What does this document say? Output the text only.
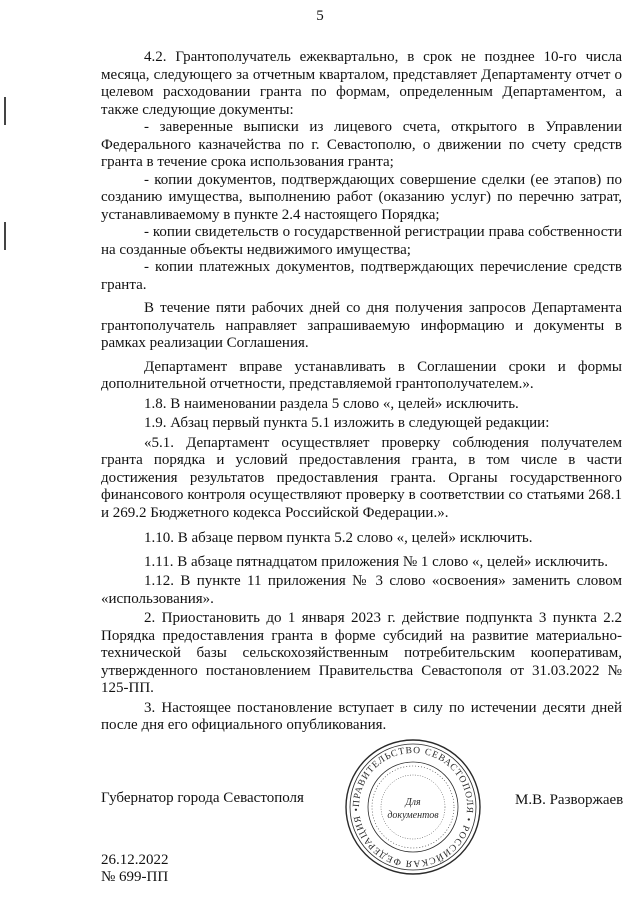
5

4.2. Грантополучатель ежеквартально, в срок не позднее 10-го числа месяца, следующего за отчетным кварталом, представляет Департаменту отчет о целевом расходовании гранта по формам, определенным Департаментом, а также следующие документы:

- заверенные выписки из лицевого счета, открытого в Управлении Федерального казначейства по г. Севастополю, о движении по счету средств гранта в течение срока использования гранта;

- копии документов, подтверждающих совершение сделки (ее этапов) по созданию имущества, выполнению работ (оказанию услуг) по перечню затрат, устанавливаемому в пункте 2.4 настоящего Порядка;

- копии свидетельств о государственной регистрации права собственности на созданные объекты недвижимого имущества;

- копии платежных документов, подтверждающих перечисление средств гранта.

В течение пяти рабочих дней со дня получения запросов Департамента грантополучатель направляет запрашиваемую информацию и документы в рамках реализации Соглашения.

Департамент вправе устанавливать в Соглашении сроки и формы дополнительной отчетности, представляемой грантополучателем.».

1.8. В наименовании раздела 5 слово «, целей» исключить.

1.9. Абзац первый пункта 5.1 изложить в следующей редакции:

«5.1. Департамент осуществляет проверку соблюдения получателем гранта порядка и условий предоставления гранта, в том числе в части достижения результатов предоставления гранта. Органы государственного финансового контроля осуществляют проверку в соответствии со статьями 268.1 и 269.2 Бюджетного кодекса Российской Федерации.».

1.10. В абзаце первом пункта 5.2 слово «, целей» исключить.

1.11. В абзаце пятнадцатом приложения № 1 слово «, целей» исключить.

1.12. В пункте 11 приложения № 3 слово «освоения» заменить словом «использования».

2. Приостановить до 1 января 2023 г. действие подпункта 3 пункта 2.2 Порядка предоставления гранта в форме субсидий на развитие материально-технической базы сельскохозяйственным потребительским кооперативам, утвержденного постановлением Правительства Севастополя от 31.03.2022 № 125-ПП.

3. Настоящее постановление вступает в силу по истечении десяти дней после дня его официального опубликования.

Губернатор города Севастополя	ПРАВИТЕЛЬСТВО СЕВАСТОПОЛЯ • РОССИЙСКАЯ ФЕДЕРАЦИЯ •
Для
документов
М.В. Разворжаев
26.12.2022
№ 699-ПП
